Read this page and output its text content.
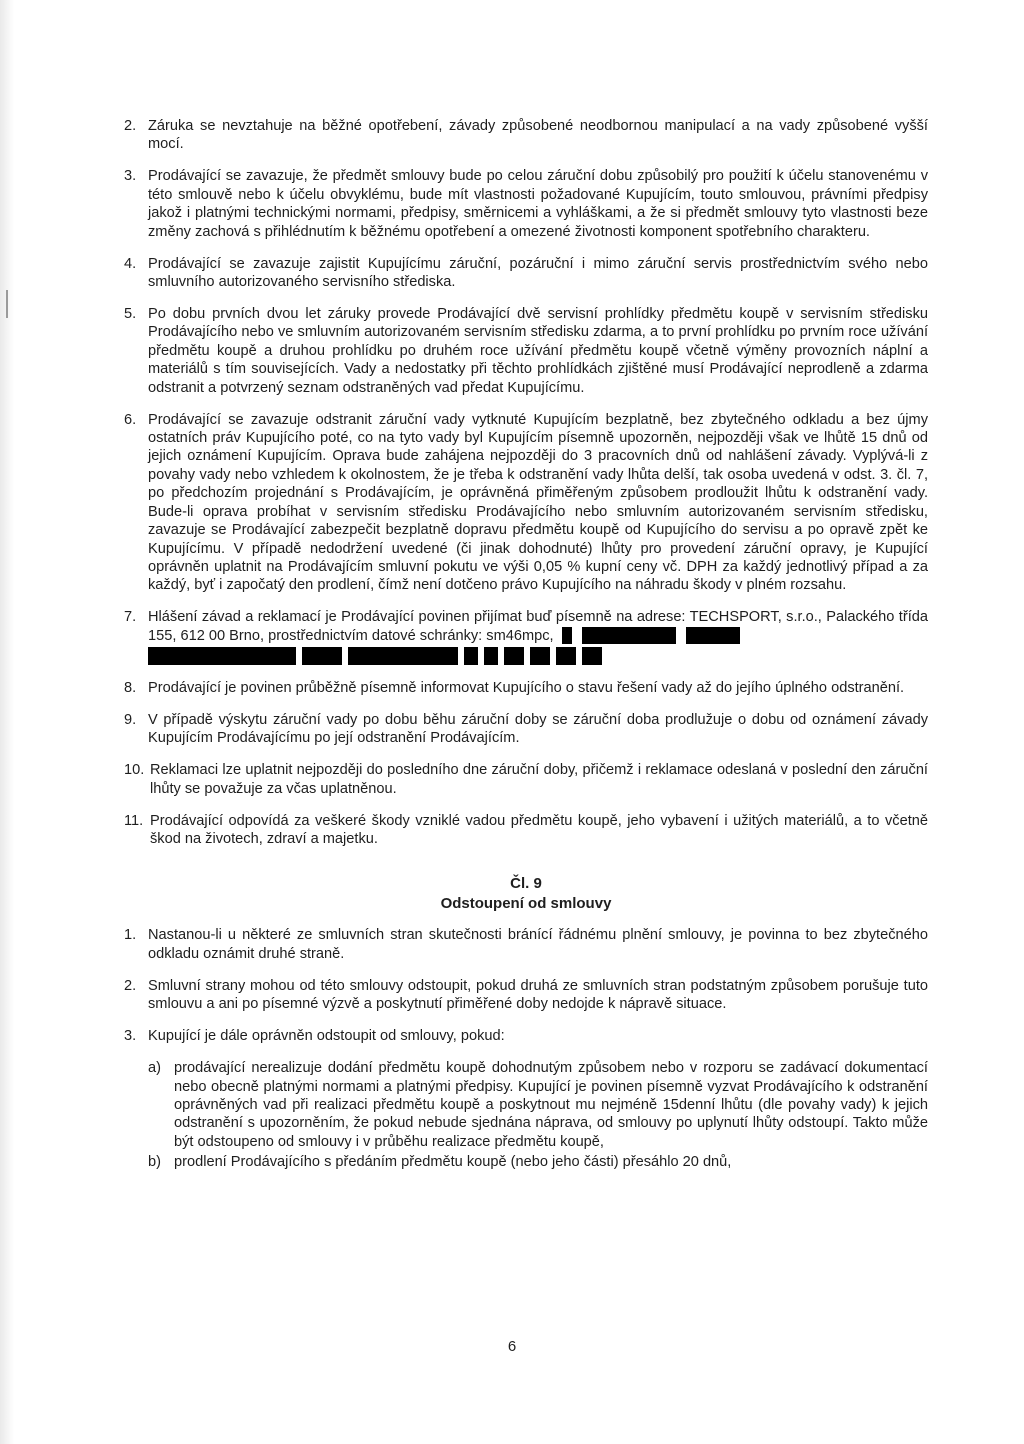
2. Záruka se nevztahuje na běžné opotřebení, závady způsobené neodbornou manipulací a na vady způsobené vyšší mocí.
3. Prodávající se zavazuje, že předmět smlouvy bude po celou záruční dobu způsobilý pro použití k účelu stanovenému v této smlouvě nebo k účelu obvyklému, bude mít vlastnosti požadované Kupujícím, touto smlouvou, právními předpisy jakož i platnými technickými normami, předpisy, směrnicemi a vyhláškami, a že si předmět smlouvy tyto vlastnosti beze změny zachová s přihlédnutím k běžnému opotřebení a omezené životnosti komponent spotřebního charakteru.
4. Prodávající se zavazuje zajistit Kupujícímu záruční, pozáruční i mimo záruční servis prostřednictvím svého nebo smluvního autorizovaného servisního střediska.
5. Po dobu prvních dvou let záruky provede Prodávající dvě servisní prohlídky předmětu koupě v servisním středisku Prodávajícího nebo ve smluvním autorizovaném servisním středisku zdarma, a to první prohlídku po prvním roce užívání předmětu koupě a druhou prohlídku po druhém roce užívání předmětu koupě včetně výměny provozních náplní a materiálů s tím souvisejících. Vady a nedostatky při těchto prohlídkách zjištěné musí Prodávající neprodleně a zdarma odstranit a potvrzený seznam odstraněných vad předat Kupujícímu.
6. Prodávající se zavazuje odstranit záruční vady vytknuté Kupujícím bezplatně, bez zbytečného odkladu a bez újmy ostatních práv Kupujícího poté, co na tyto vady byl Kupujícím písemně upozorněn, nejpozději však ve lhůtě 15 dnů od jejich oznámení Kupujícím. Oprava bude zahájena nejpozději do 3 pracovních dnů od nahlášení závady. Vyplývá-li z povahy vady nebo vzhledem k okolnostem, že je třeba k odstranění vady lhůta delší, tak osoba uvedená v odst. 3. čl. 7, po předchozím projednání s Prodávajícím, je oprávněná přiměřeným způsobem prodloužit lhůtu k odstranění vady. Bude-li oprava probíhat v servisním středisku Prodávajícího nebo smluvním autorizovaném servisním středisku, zavazuje se Prodávající zabezpečit bezplatně dopravu předmětu koupě od Kupujícího do servisu a po opravě zpět ke Kupujícímu. V případě nedodržení uvedené (či jinak dohodnuté) lhůty pro provedení záruční opravy, je Kupující oprávněn uplatnit na Prodávajícím smluvní pokutu ve výši 0,05 % kupní ceny vč. DPH za každý jednotlivý případ a za každý, byť i započatý den prodlení, čímž není dotčeno právo Kupujícího na náhradu škody v plném rozsahu.
7. Hlášení závad a reklamací je Prodávající povinen přijímat buď písemně na adrese: TECHSPORT, s.r.o., Palackého třída 155, 612 00 Brno, prostřednictvím datové schránky: sm46mpc,
8. Prodávající je povinen průběžně písemně informovat Kupujícího o stavu řešení vady až do jejího úplného odstranění.
9. V případě výskytu záruční vady po dobu běhu záruční doby se záruční doba prodlužuje o dobu od oznámení závady Kupujícím Prodávajícímu po její odstranění Prodávajícím.
10. Reklamaci lze uplatnit nejpozději do posledního dne záruční doby, přičemž i reklamace odeslaná v poslední den záruční lhůty se považuje za včas uplatněnou.
11. Prodávající odpovídá za veškeré škody vzniklé vadou předmětu koupě, jeho vybavení i užitých materiálů, a to včetně škod na životech, zdraví a majetku.
Čl. 9
Odstoupení od smlouvy
1. Nastanou-li u některé ze smluvních stran skutečnosti bránící řádnému plnění smlouvy, je povinna to bez zbytečného odkladu oznámit druhé straně.
2. Smluvní strany mohou od této smlouvy odstoupit, pokud druhá ze smluvních stran podstatným způsobem porušuje tuto smlouvu a ani po písemné výzvě a poskytnutí přiměřené doby nedojde k nápravě situace.
3. Kupující je dále oprávněn odstoupit od smlouvy, pokud:
a) prodávající nerealizuje dodání předmětu koupě dohodnutým způsobem nebo v rozporu se zadávací dokumentací nebo obecně platnými normami a platnými předpisy. Kupující je povinen písemně vyzvat Prodávajícího k odstranění oprávněných vad při realizaci předmětu koupě a poskytnout mu nejméně 15denní lhůtu (dle povahy vady) k jejich odstranění s upozorněním, že pokud nebude sjednána náprava, od smlouvy po uplynutí lhůty odstoupí. Takto může být odstoupeno od smlouvy i v průběhu realizace předmětu koupě,
b) prodlení Prodávajícího s předáním předmětu koupě (nebo jeho části) přesáhlo 20 dnů,
6
